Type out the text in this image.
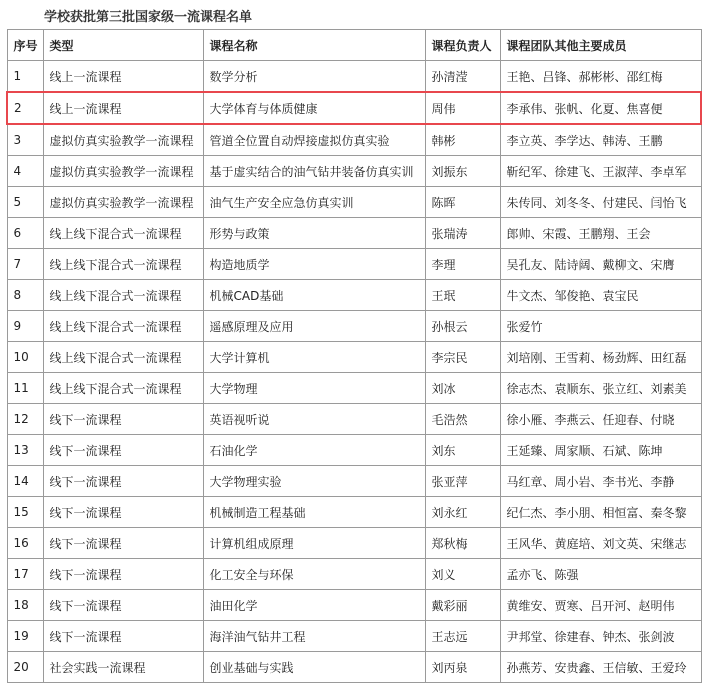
学校获批第三批国家级一流课程名单
序号	类型	课程名称	课程负责人	课程团队其他主要成员
1	线上一流课程	数学分析	孙清滢	王艳、吕锋、郝彬彬、邵红梅
2	线上一流课程	大学体育与体质健康	周伟	李承伟、张帆、化夏、焦喜便
3	虚拟仿真实验教学一流课程	管道全位置自动焊接虚拟仿真实验	韩彬	李立英、李学达、韩涛、王鹏
4	虚拟仿真实验教学一流课程	基于虚实结合的油气钻井装备仿真实训	刘振东	靳纪军、徐建飞、王淑萍、李卓军
5	虚拟仿真实验教学一流课程	油气生产安全应急仿真实训	陈晖	朱传同、刘冬冬、付建民、闫怡飞
6	线上线下混合式一流课程	形势与政策	张瑞涛	郎帅、宋霞、王鹏翔、王会
7	线上线下混合式一流课程	构造地质学	李理	吴孔友、陆诗阔、戴柳文、宋膺
8	线上线下混合式一流课程	机械CAD基础	王珉	牛文杰、邹俊艳、袁宝民
9	线上线下混合式一流课程	遥感原理及应用	孙根云	张爱竹
10	线上线下混合式一流课程	大学计算机	李宗民	刘培刚、王雪莉、杨劲辉、田红磊
11	线上线下混合式一流课程	大学物理	刘冰	徐志杰、袁顺东、张立红、刘素美
12	线下一流课程	英语视听说	毛浩然	徐小雁、李燕云、任迎春、付晓
13	线下一流课程	石油化学	刘东	王延臻、周家顺、石斌、陈坤
14	线下一流课程	大学物理实验	张亚萍	马红章、周小岩、李书光、李静
15	线下一流课程	机械制造工程基础	刘永红	纪仁杰、李小朋、相恒富、秦冬黎
16	线下一流课程	计算机组成原理	郑秋梅	王风华、黄庭培、刘文英、宋继志
17	线下一流课程	化工安全与环保	刘义	孟亦飞、陈强
18	线下一流课程	油田化学	戴彩丽	黄维安、贾寒、吕开河、赵明伟
19	线下一流课程	海洋油气钻井工程	王志远	尹邦堂、徐建春、钟杰、张剑波
20	社会实践一流课程	创业基础与实践	刘丙泉	孙燕芳、安贵鑫、王信敏、王爱玲
